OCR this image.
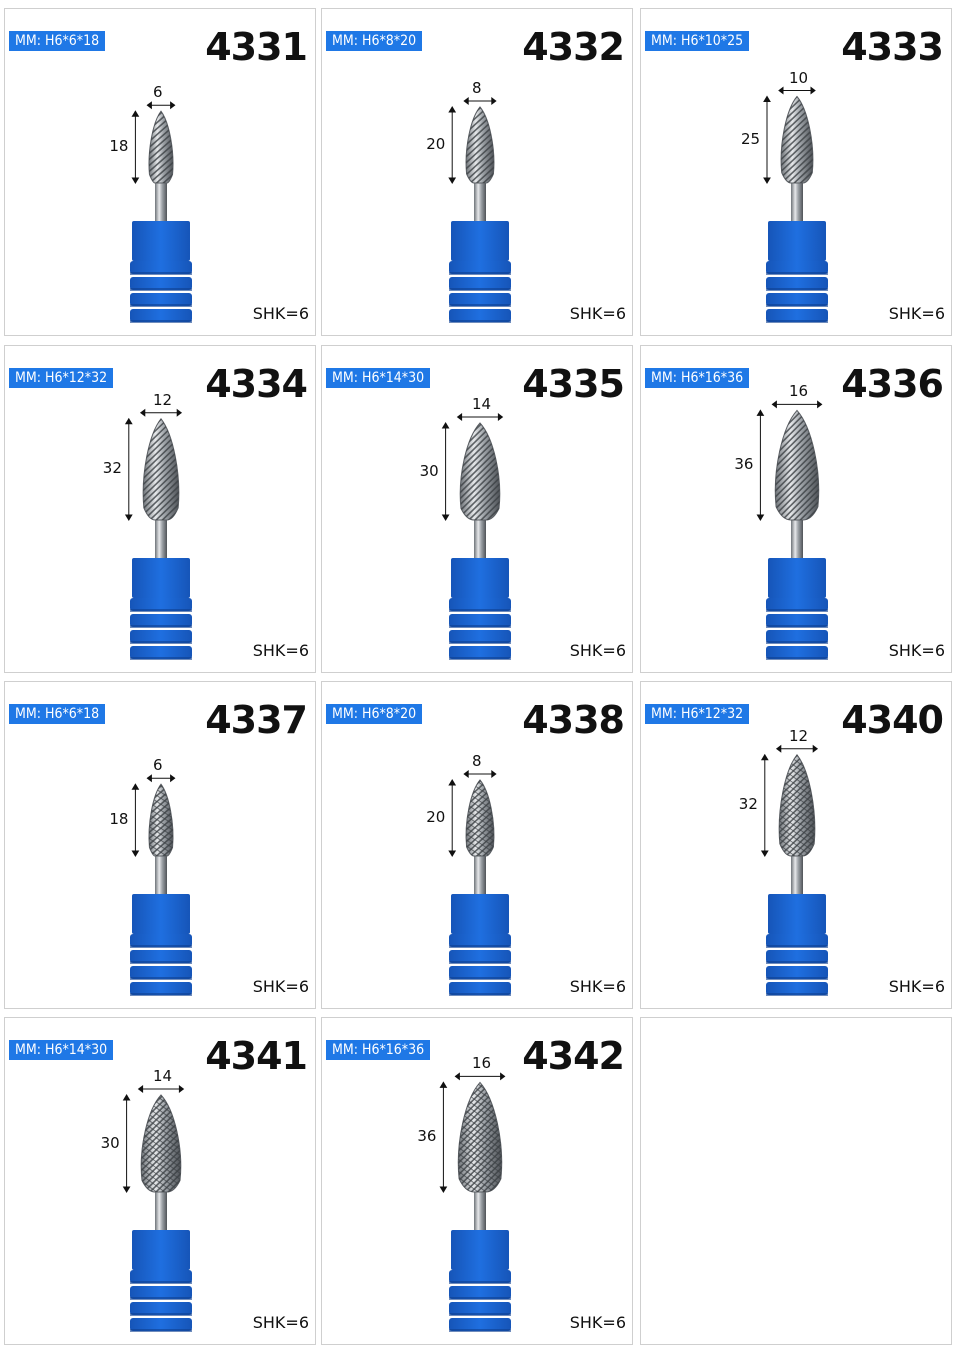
MM: H6*6*18	4331
SHK=6
6
18
MM: H6*8*20	4332
SHK=6
8
20
MM: H6*10*25	4333
SHK=6
10
25
MM: H6*12*32	4334
SHK=6
12
32
MM: H6*14*30	4335
SHK=6
14
30
MM: H6*16*36	4336
SHK=6
16
36
MM: H6*6*18	4337
SHK=6
6
18
MM: H6*8*20	4338
SHK=6
8
20
MM: H6*12*32	4340
SHK=6
12
32
MM: H6*14*30	4341
SHK=6
14
30
MM: H6*16*36	4342
SHK=6
16
36
